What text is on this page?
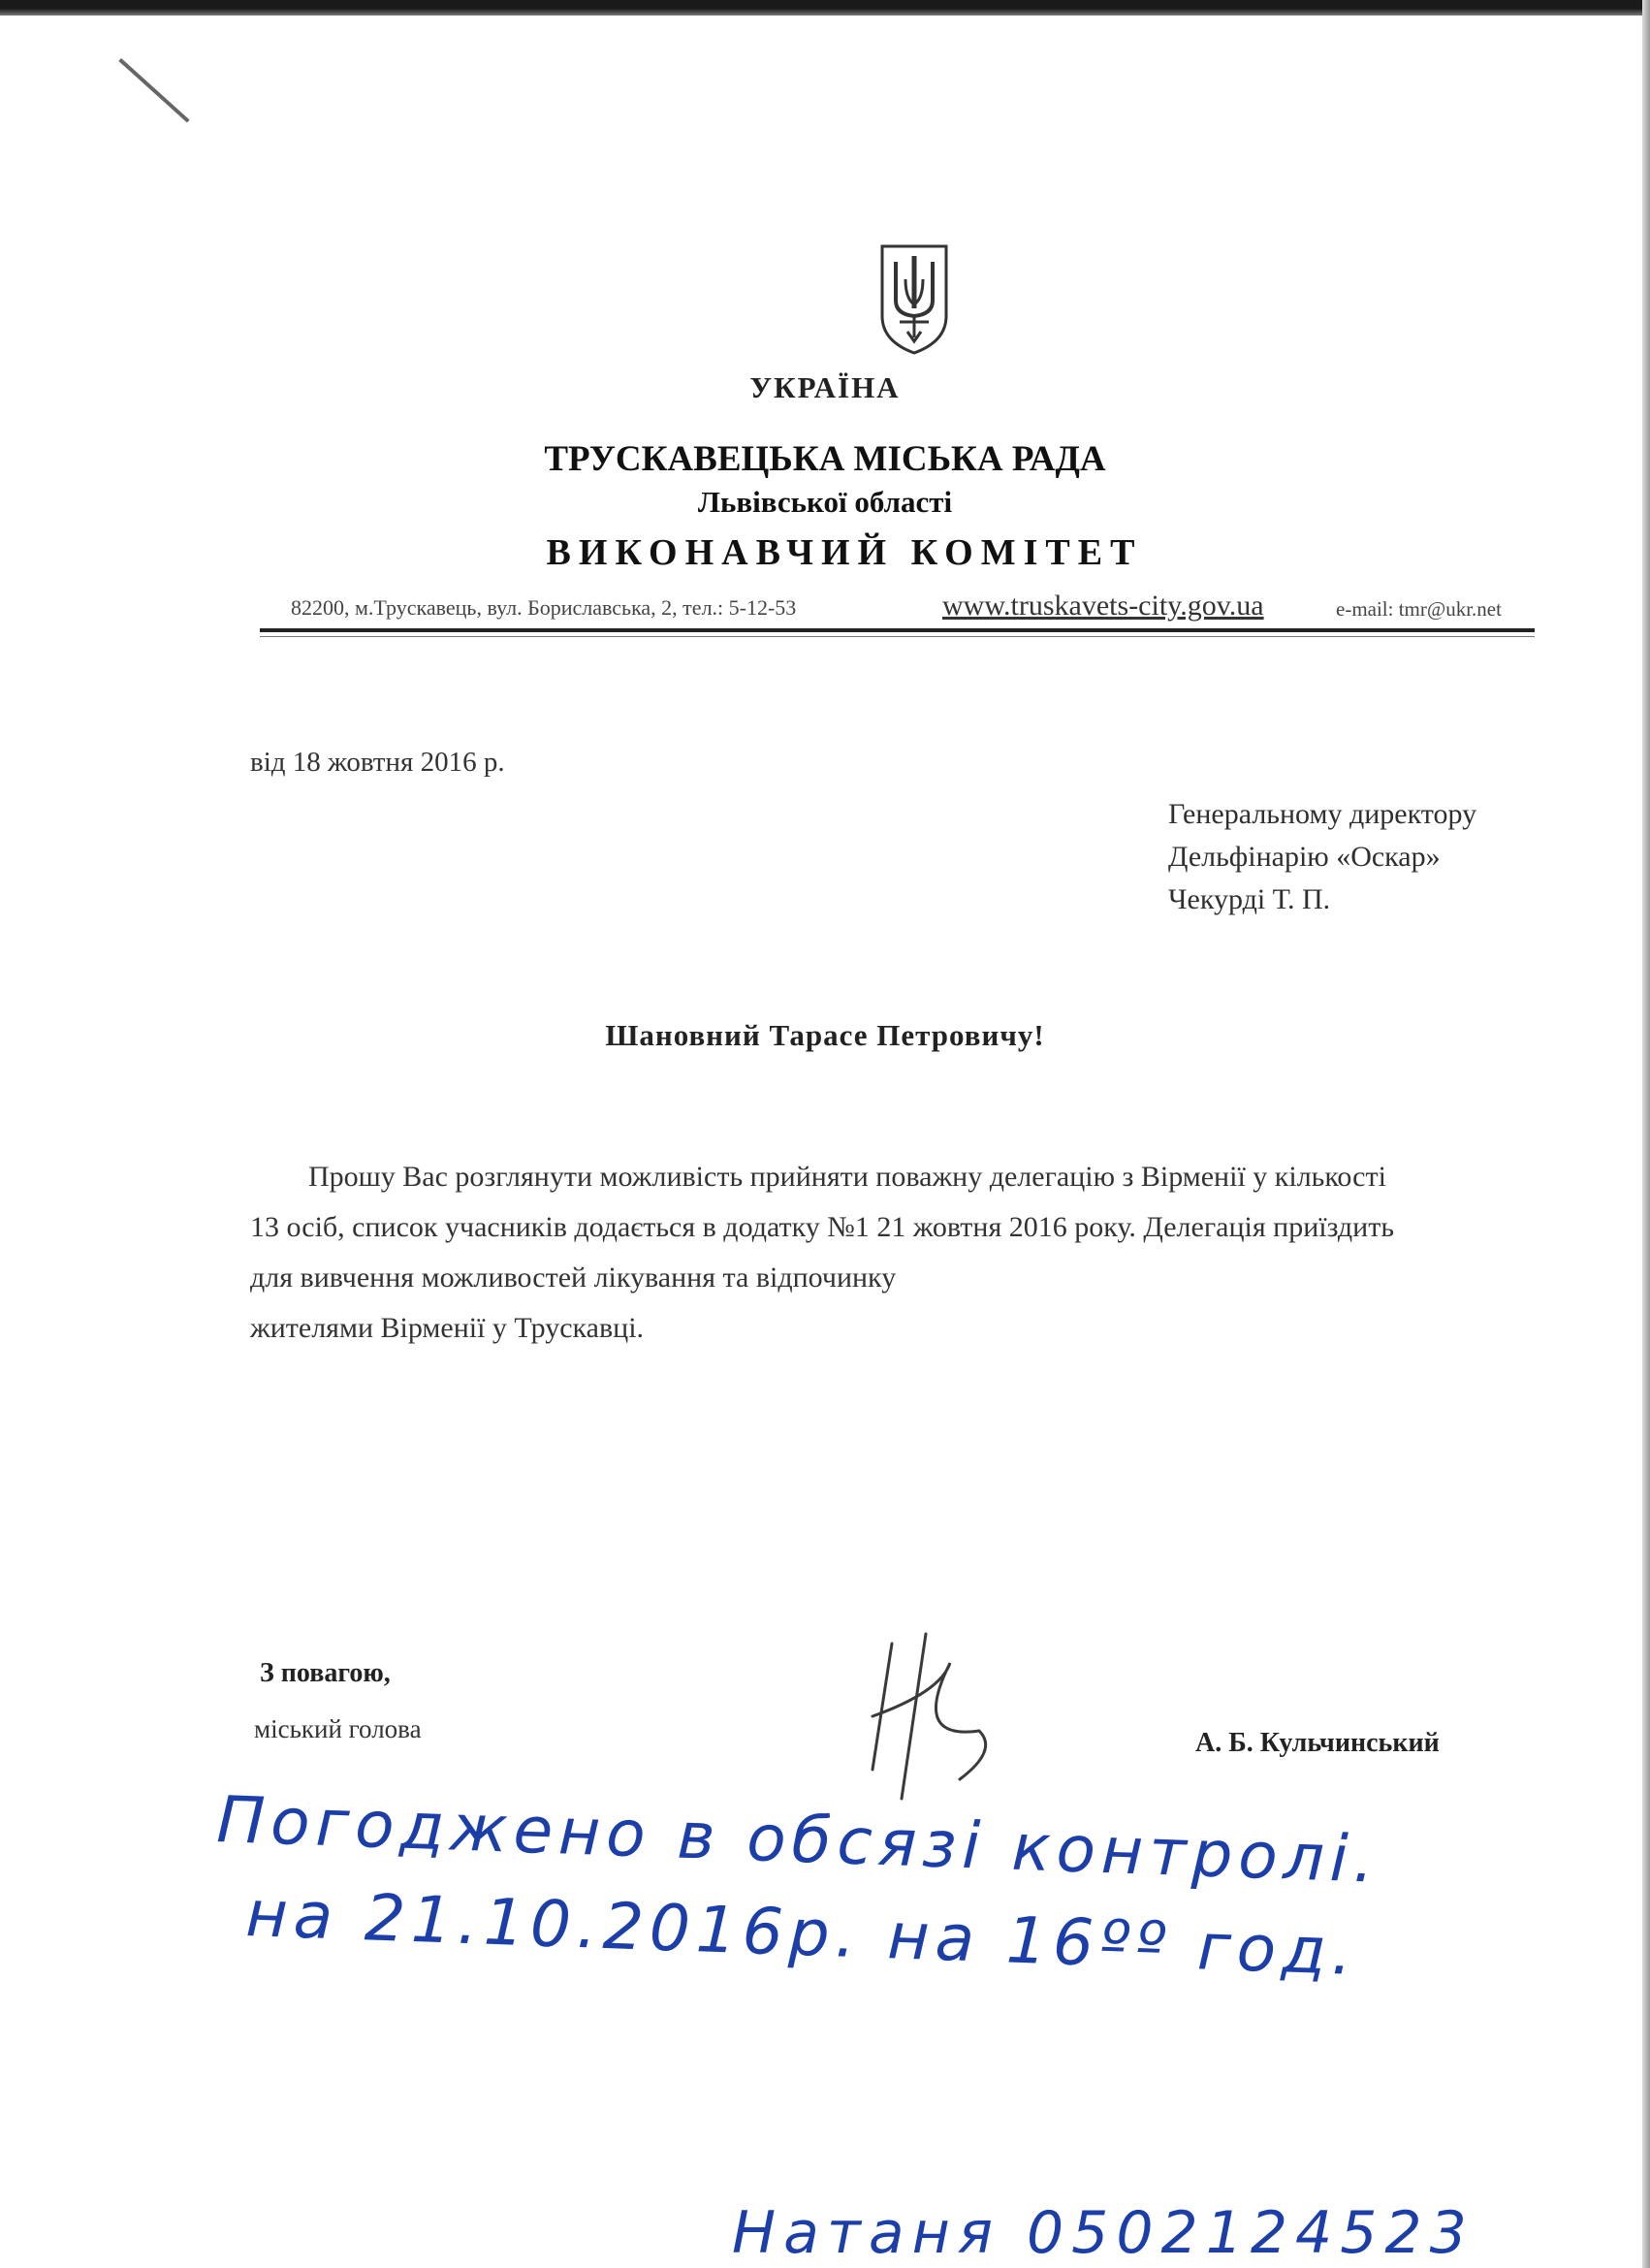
УКРАЇНА
ТРУСКАВЕЦЬКА МІСЬКА РАДА
Львівської області
ВИКОНАВЧИЙ КОМІТЕТ
82200, м.Трускавець, вул. Бориславська, 2, тел.: 5-12-53	www.truskavets-city.gov.ua	e-mail: tmr@ukr.net
від 18 жовтня 2016 р.
Генеральному директору
Дельфінарію «Оскар»
Чекурді Т. П.
Шановний Тарасе Петровичу!
Прошу Вас розглянути можливість прийняти поважну делегацію з Вірменії у кількості
13 осіб, список учасників додається в додатку №1 21 жовтня 2016 року. Делегація приїздить
для вивчення можливостей лікування та відпочинку
жителями Вірменії у Трускавці.
З повагою,
міський голова	А. Б. Кульчинський
Погоджено в обсязі контролі.
на 21.10.2016р. на 16ºº год.
Натаня 0502124523
